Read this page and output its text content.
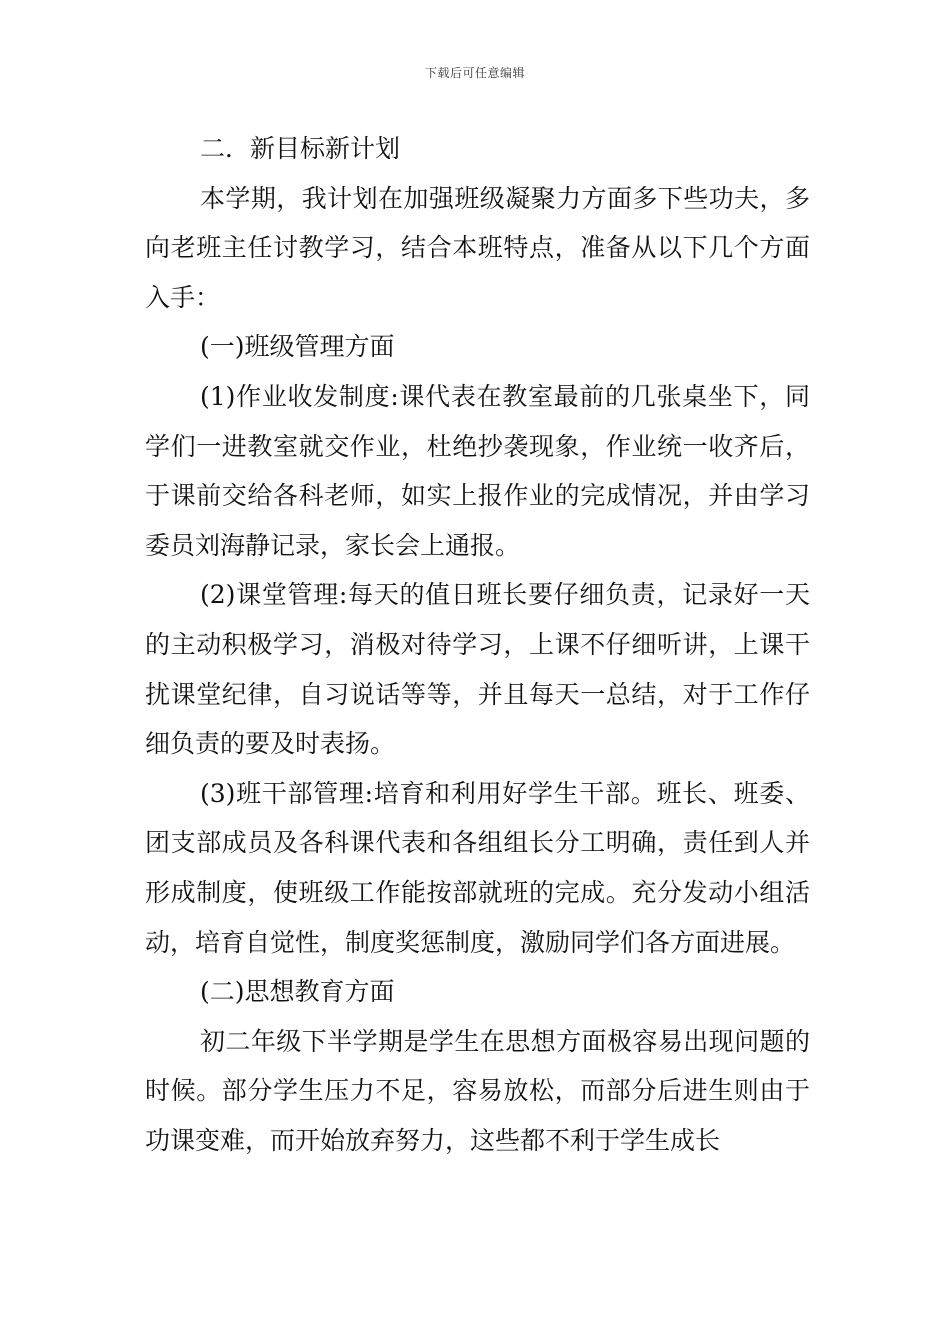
下载后可任意编辑

二．新目标新计划

本学期，我计划在加强班级凝聚力方面多下些功夫，多向老班主任讨教学习，结合本班特点，准备从以下几个方面入手：

(一)班级管理方面

(1)作业收发制度:课代表在教室最前的几张桌坐下，同学们一进教室就交作业，杜绝抄袭现象，作业统一收齐后，于课前交给各科老师，如实上报作业的完成情况，并由学习委员刘海静记录，家长会上通报。

(2)课堂管理:每天的值日班长要仔细负责，记录好一天的主动积极学习，消极对待学习，上课不仔细听讲，上课干扰课堂纪律，自习说话等等，并且每天一总结，对于工作仔细负责的要及时表扬。

(3)班干部管理:培育和利用好学生干部。班长、班委、团支部成员及各科课代表和各组组长分工明确，责任到人并形成制度，使班级工作能按部就班的完成。充分发动小组活动，培育自觉性，制度奖惩制度，激励同学们各方面进展。

(二)思想教育方面

初二年级下半学期是学生在思想方面极容易出现问题的时候。部分学生压力不足，容易放松，而部分后进生则由于功课变难，而开始放弃努力，这些都不利于学生成长
